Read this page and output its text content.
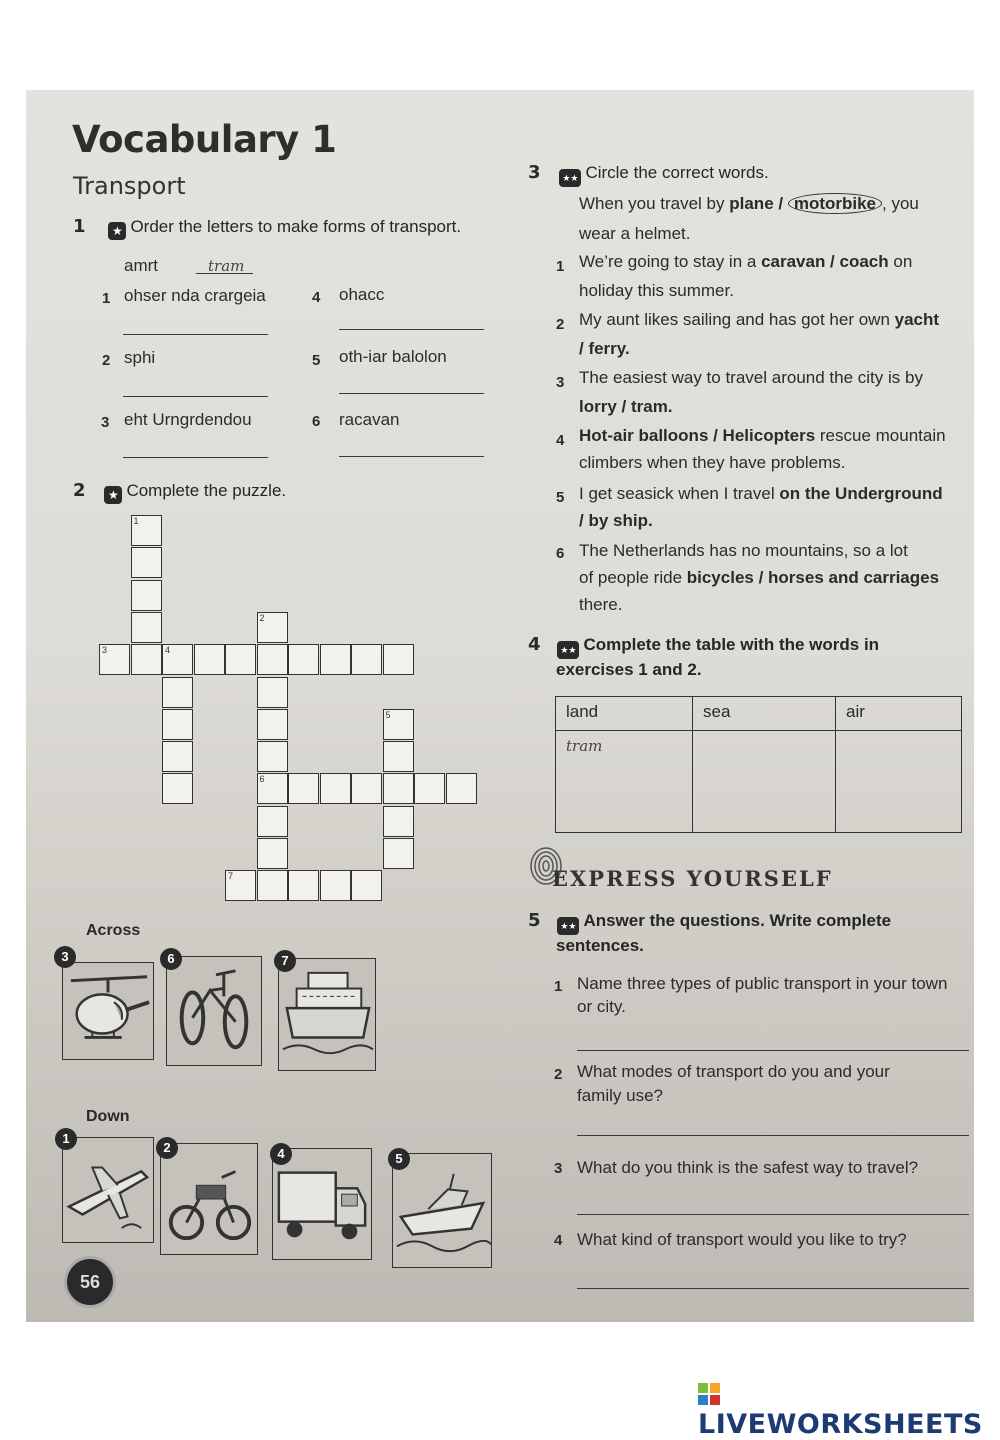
Vocabulary 1
Transport
1 ★ Order the letters to make forms of transport.
amrt	tram
1 ohser nda crargeia
2 sphi
3 eht Urngrdendou
4 ohacc
5 oth-iar balolon
6 racavan
2 ★ Complete the puzzle.
1
2
3	4
5
6
7
Across
Down
3	6	7
1
2	4	5
56
3 ★★ Circle the correct words.
When you travel by plane / motorbike , you
wear a helmet.
1 We’re going to stay in a caravan / coach on
holiday this summer.
2 My aunt likes sailing and has got her own yacht
/ ferry.
3 The easiest way to travel around the city is by
lorry / tram.
4 Hot-air balloons / Helicopters rescue mountain
climbers when they have problems.
5 I get seasick when I travel on the Underground
/ by ship.
6 The Netherlands has no mountains, so a lot
of people ride bicycles / horses and carriages
there.
4 ★★ Complete the table with the words in
exercises 1 and 2.
land	sea	air
tram		
EXPRESS YOURSELF
5 ★★ Answer the questions. Write complete
sentences.
1 Name three types of public transport in your town
or city.
2 What modes of transport do you and your
family use?
3 What do you think is the safest way to travel?
4 What kind of transport would you like to try?
LIVEWORKSHEETS
